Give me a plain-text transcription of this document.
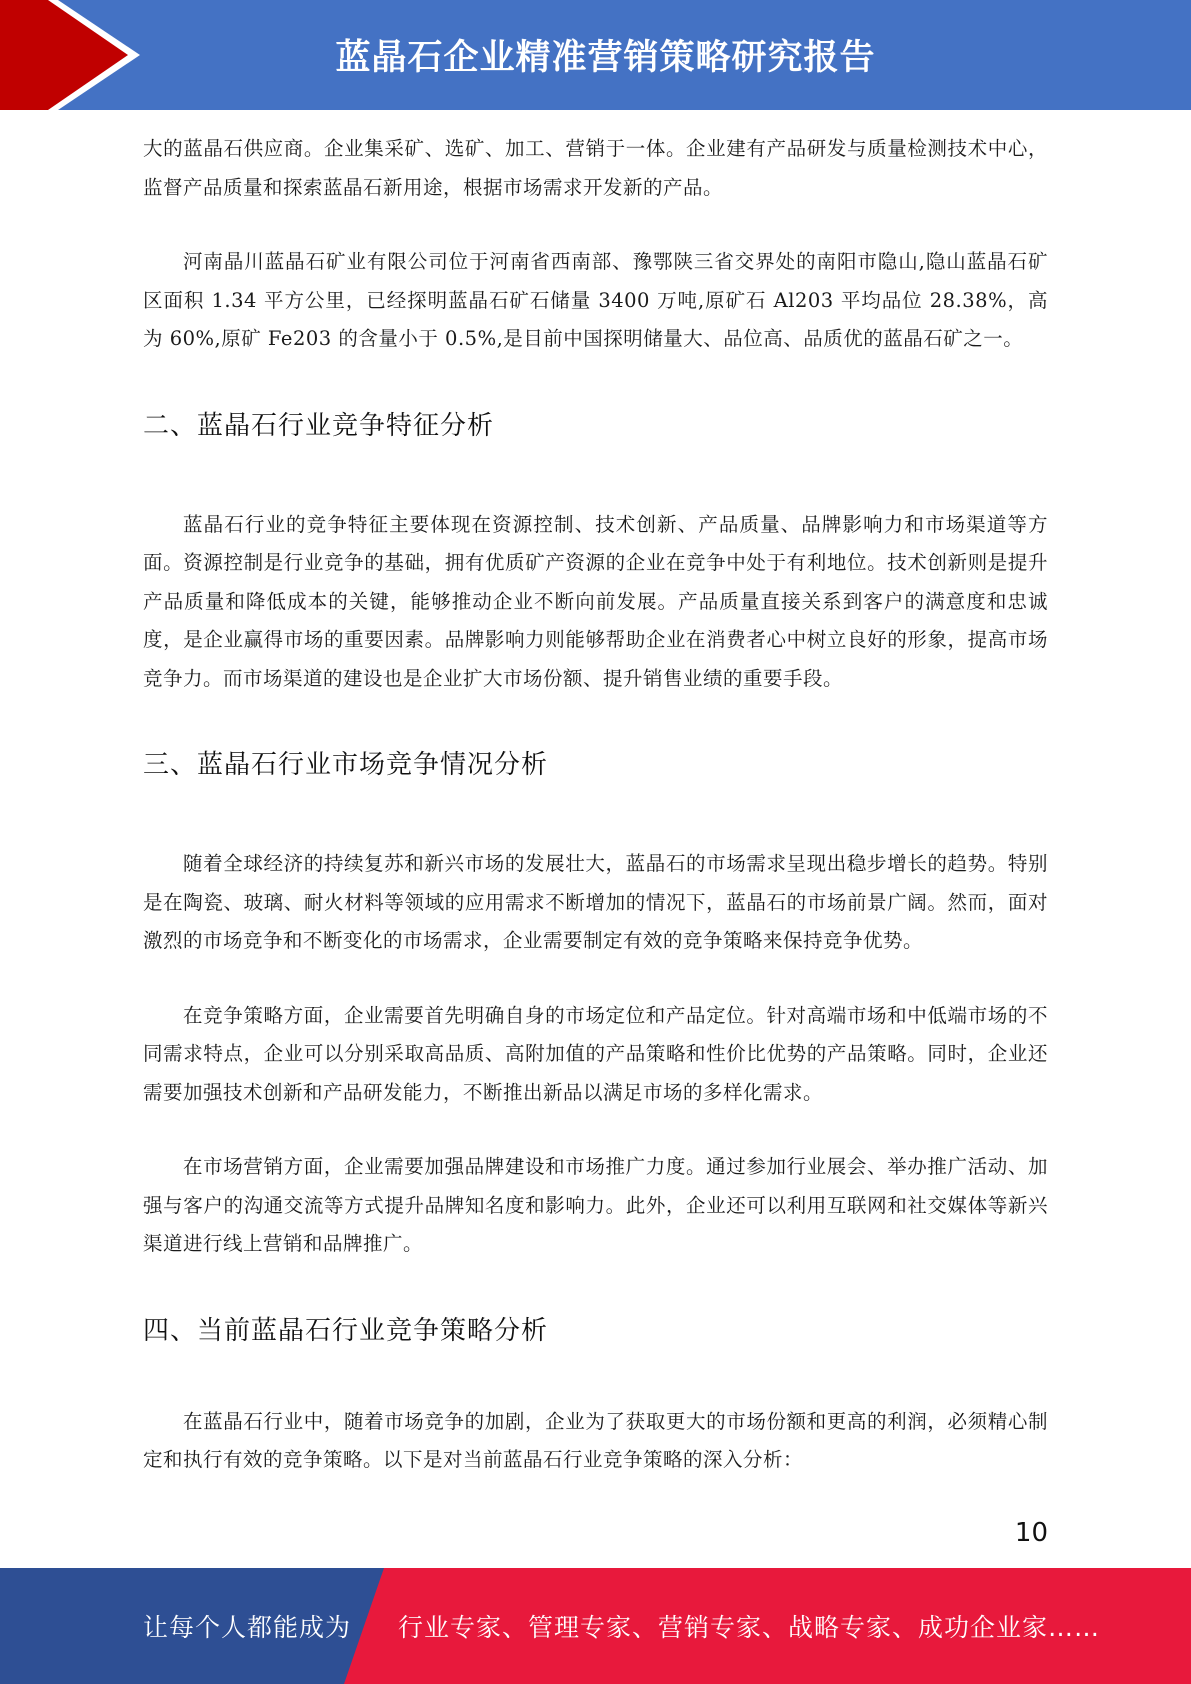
蓝晶石企业精准营销策略研究报告

大的蓝晶石供应商。企业集采矿、选矿、加工、营销于一体。企业建有产品研发与质量检测技术中心，监督产品质量和探索蓝晶石新用途，根据市场需求开发新的产品。

河南晶川蓝晶石矿业有限公司位于河南省西南部、豫鄂陕三省交界处的南阳市隐山,隐山蓝晶石矿区面积 1.34 平方公里，已经探明蓝晶石矿石储量 3400 万吨,原矿石 Al203 平均品位 28.38%，高为 60%,原矿 Fe203 的含量小于 0.5%,是目前中国探明储量大、品位高、品质优的蓝晶石矿之一。

二、蓝晶石行业竞争特征分析

蓝晶石行业的竞争特征主要体现在资源控制、技术创新、产品质量、品牌影响力和市场渠道等方面。资源控制是行业竞争的基础，拥有优质矿产资源的企业在竞争中处于有利地位。技术创新则是提升产品质量和降低成本的关键，能够推动企业不断向前发展。产品质量直接关系到客户的满意度和忠诚度，是企业赢得市场的重要因素。品牌影响力则能够帮助企业在消费者心中树立良好的形象，提高市场竞争力。而市场渠道的建设也是企业扩大市场份额、提升销售业绩的重要手段。

三、蓝晶石行业市场竞争情况分析

随着全球经济的持续复苏和新兴市场的发展壮大，蓝晶石的市场需求呈现出稳步增长的趋势。特别是在陶瓷、玻璃、耐火材料等领域的应用需求不断增加的情况下，蓝晶石的市场前景广阔。然而，面对激烈的市场竞争和不断变化的市场需求，企业需要制定有效的竞争策略来保持竞争优势。

在竞争策略方面，企业需要首先明确自身的市场定位和产品定位。针对高端市场和中低端市场的不同需求特点，企业可以分别采取高品质、高附加值的产品策略和性价比优势的产品策略。同时，企业还需要加强技术创新和产品研发能力，不断推出新品以满足市场的多样化需求。

在市场营销方面，企业需要加强品牌建设和市场推广力度。通过参加行业展会、举办推广活动、加强与客户的沟通交流等方式提升品牌知名度和影响力。此外，企业还可以利用互联网和社交媒体等新兴渠道进行线上营销和品牌推广。

四、当前蓝晶石行业竞争策略分析

在蓝晶石行业中，随着市场竞争的加剧，企业为了获取更大的市场份额和更高的利润，必须精心制定和执行有效的竞争策略。以下是对当前蓝晶石行业竞争策略的深入分析：

10
让每个人都能成为 行业专家、管理专家、营销专家、战略专家、成功企业家……
